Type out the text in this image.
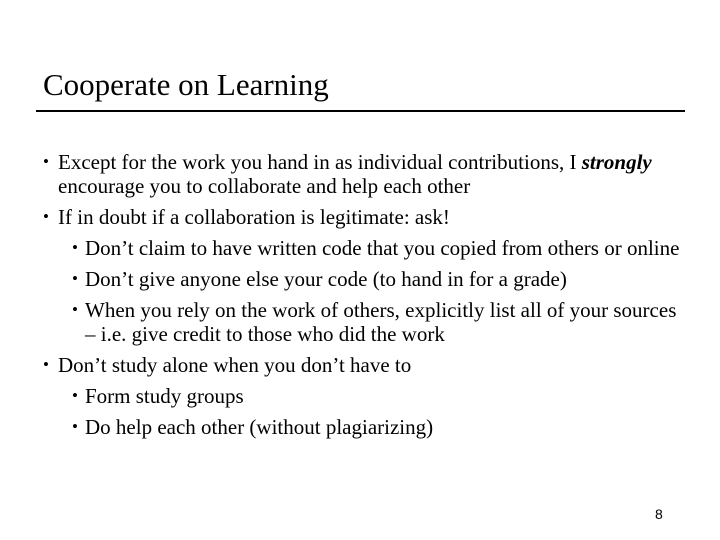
Cooperate on Learning
• Except for the work you hand in as individual contributions, I strongly encourage you to collaborate and help each other
• If in doubt if a collaboration is legitimate: ask!
• Don’t claim to have written code that you copied from others or online
• Don’t give anyone else your code (to hand in for a grade)
• When you rely on the work of others, explicitly list all of your sources – i.e. give credit to those who did the work
• Don’t study alone when you don’t have to
• Form study groups
• Do help each other (without plagiarizing)
8
